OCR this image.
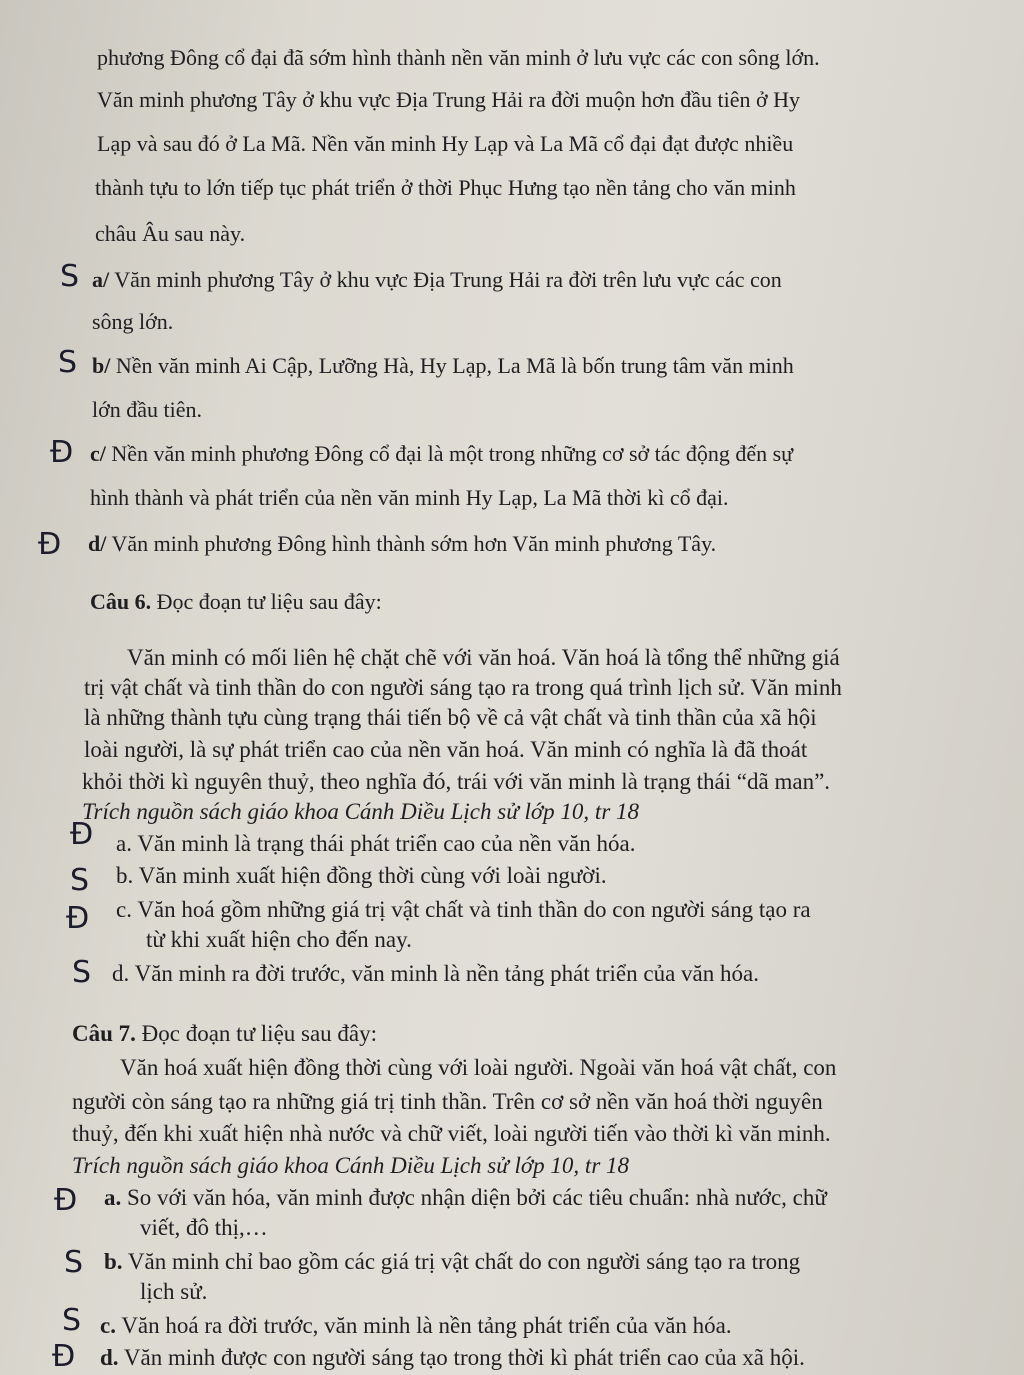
phương Đông cổ đại đã sớm hình thành nền văn minh ở lưu vực các con sông lớn.
Văn minh phương Tây ở khu vực Địa Trung Hải ra đời muộn hơn đầu tiên ở Hy
Lạp và sau đó ở La Mã. Nền văn minh Hy Lạp và La Mã cổ đại đạt được nhiều
thành tựu to lớn tiếp tục phát triển ở thời Phục Hưng tạo nền tảng cho văn minh
châu Âu sau này.
S a/ Văn minh phương Tây ở khu vực Địa Trung Hải ra đời trên lưu vực các con
sông lớn.
S b/ Nền văn minh Ai Cập, Lưỡng Hà, Hy Lạp, La Mã là bốn trung tâm văn minh
lớn đầu tiên.
Đ c/ Nền văn minh phương Đông cổ đại là một trong những cơ sở tác động đến sự
hình thành và phát triển của nền văn minh Hy Lạp, La Mã thời kì cổ đại.
Đ d/ Văn minh phương Đông hình thành sớm hơn Văn minh phương Tây.
Câu 6. Đọc đoạn tư liệu sau đây:
Văn minh có mối liên hệ chặt chẽ với văn hoá. Văn hoá là tổng thể những giá
trị vật chất và tinh thần do con người sáng tạo ra trong quá trình lịch sử. Văn minh
là những thành tựu cùng trạng thái tiến bộ về cả vật chất và tinh thần của xã hội
loài người, là sự phát triển cao của nền văn hoá. Văn minh có nghĩa là đã thoát
khỏi thời kì nguyên thuỷ, theo nghĩa đó, trái với văn minh là trạng thái “dã man”.
Trích nguồn sách giáo khoa Cánh Diều Lịch sử lớp 10, tr 18
Đ a. Văn minh là trạng thái phát triển cao của nền văn hóa.
S b. Văn minh xuất hiện đồng thời cùng với loài người.
Đ c. Văn hoá gồm những giá trị vật chất và tinh thần do con người sáng tạo ra
từ khi xuất hiện cho đến nay.
S d. Văn minh ra đời trước, văn minh là nền tảng phát triển của văn hóa.
Câu 7. Đọc đoạn tư liệu sau đây:
Văn hoá xuất hiện đồng thời cùng với loài người. Ngoài văn hoá vật chất, con
người còn sáng tạo ra những giá trị tinh thần. Trên cơ sở nền văn hoá thời nguyên
thuỷ, đến khi xuất hiện nhà nước và chữ viết, loài người tiến vào thời kì văn minh.
Trích nguồn sách giáo khoa Cánh Diều Lịch sử lớp 10, tr 18
Đ a. So với văn hóa, văn minh được nhận diện bởi các tiêu chuẩn: nhà nước, chữ
viết, đô thị,…
S b. Văn minh chỉ bao gồm các giá trị vật chất do con người sáng tạo ra trong
lịch sử.
S c. Văn hoá ra đời trước, văn minh là nền tảng phát triển của văn hóa.
Đ d. Văn minh được con người sáng tạo trong thời kì phát triển cao của xã hội.
